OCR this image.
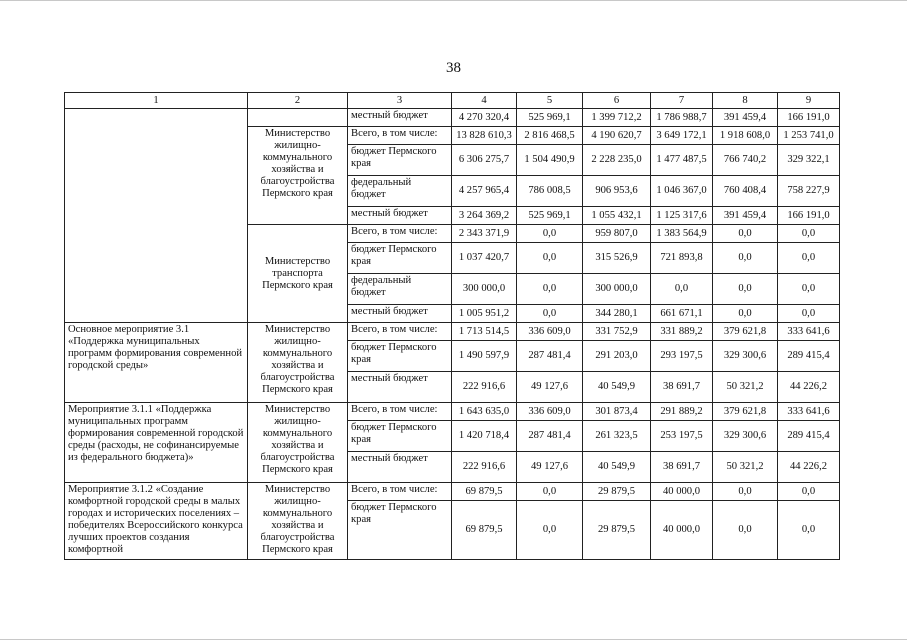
38
1	2	3	4	5	6	7	8	9
		местный бюджет	4 270 320,4	525 969,1	1 399 712,2	1 786 988,7	391 459,4	166 191,0
	Министерство жилищно-коммунального хозяйства и благоустройства Пермского края	Всего, в том числе:	13 828 610,3	2 816 468,5	4 190 620,7	3 649 172,1	1 918 608,0	1 253 741,0
		бюджет Пермского края	6 306 275,7	1 504 490,9	2 228 235,0	1 477 487,5	766 740,2	329 322,1
		федеральный бюджет	4 257 965,4	786 008,5	906 953,6	1 046 367,0	760 408,4	758 227,9
		местный бюджет	3 264 369,2	525 969,1	1 055 432,1	1 125 317,6	391 459,4	166 191,0
	Министерство транспорта Пермского края	Всего, в том числе:	2 343 371,9	0,0	959 807,0	1 383 564,9	0,0	0,0
		бюджет Пермского края	1 037 420,7	0,0	315 526,9	721 893,8	0,0	0,0
		федеральный бюджет	300 000,0	0,0	300 000,0	0,0	0,0	0,0
		местный бюджет	1 005 951,2	0,0	344 280,1	661 671,1	0,0	0,0
Основное мероприятие 3.1 «Поддержка муниципальных программ формирования современной городской среды»	Министерство жилищно-коммунального хозяйства и благоустройства Пермского края	Всего, в том числе:	1 713 514,5	336 609,0	331 752,9	331 889,2	379 621,8	333 641,6
		бюджет Пермского края	1 490 597,9	287 481,4	291 203,0	293 197,5	329 300,6	289 415,4
		местный бюджет	222 916,6	49 127,6	40 549,9	38 691,7	50 321,2	44 226,2
Мероприятие 3.1.1 «Поддержка муниципальных программ формирования современной городской среды (расходы, не софинансируемые из федерального бюджета)»	Министерство жилищно-коммунального хозяйства и благоустройства Пермского края	Всего, в том числе:	1 643 635,0	336 609,0	301 873,4	291 889,2	379 621,8	333 641,6
		бюджет Пермского края	1 420 718,4	287 481,4	261 323,5	253 197,5	329 300,6	289 415,4
		местный бюджет	222 916,6	49 127,6	40 549,9	38 691,7	50 321,2	44 226,2
Мероприятие 3.1.2 «Создание комфортной городской среды в малых городах и исторических поселениях – победителях Всероссийского конкурса лучших проектов создания комфортной	Министерство жилищно-коммунального хозяйства и благоустройства Пермского края	Всего, в том числе:	69 879,5	0,0	29 879,5	40 000,0	0,0	0,0
		бюджет Пермского края	69 879,5	0,0	29 879,5	40 000,0	0,0	0,0
